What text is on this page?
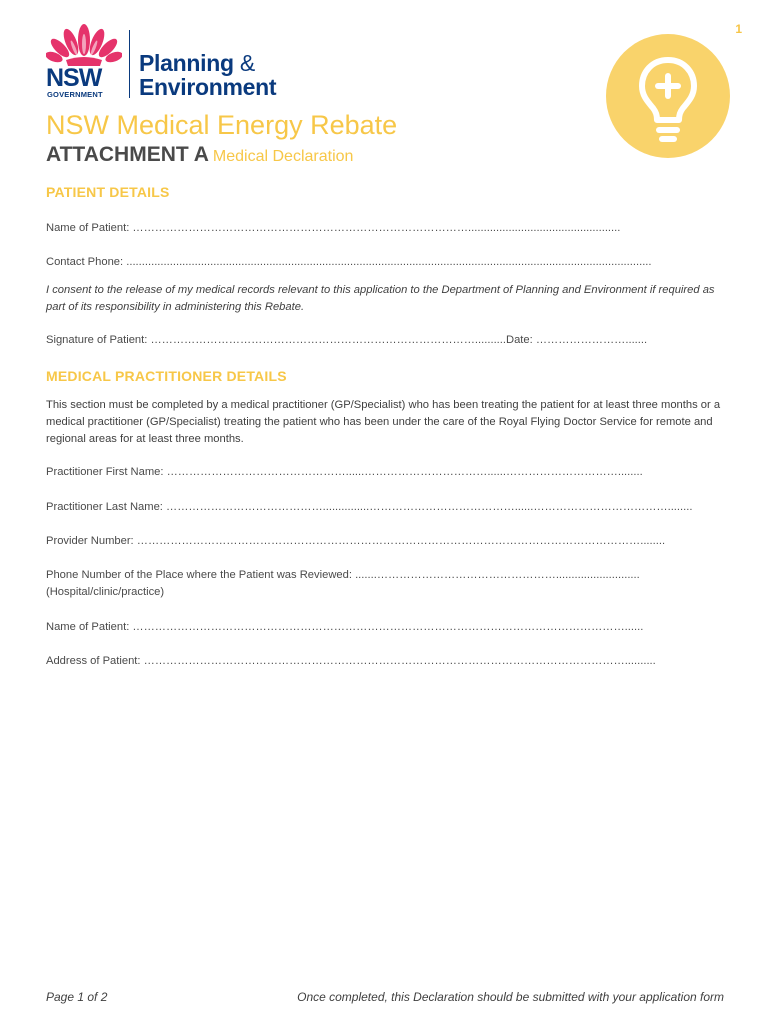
1
NSW
GOVERNMENT
Planning &
Environment
NSW Medical Energy Rebate
ATTACHMENT A Medical Declaration
PATIENT DETAILS
Name of Patient: ……………………………………………………………………………….................................................
Contact Phone: .........................................................................................................................................................................
I consent to the release of my medical records relevant to this application to the Department of Planning and Environment if required as part of its responsibility in administering this Rebate.
Signature of Patient: ……………………………………………………………………………..........Date: …………………….......
MEDICAL PRACTITIONER DETAILS
This section must be completed by a medical practitioner (GP/Specialist) who has been treating the patient for at least three months or a medical practitioner (GP/Specialist) treating the patient who has been under the care of the Royal Flying Doctor Service for remote and regional areas for at least three months.
Practitioner First Name: …………………………………………......……………………………......…………………………........
Practitioner Last Name: ……………………………………...............…………………………………......………………………………........
Provider Number: ………………………………………………………………………………………………………………………........
Phone Number of the Place where the Patient was Reviewed: .......…………………………………………...........................
(Hospital/clinic/practice)
Name of Patient: ……………………………………………………………………………………………………………………......
Address of Patient: …………………………………………………………………………………………………………………..........
Page 1 of 2	Once completed, this Declaration should be submitted with your application form
